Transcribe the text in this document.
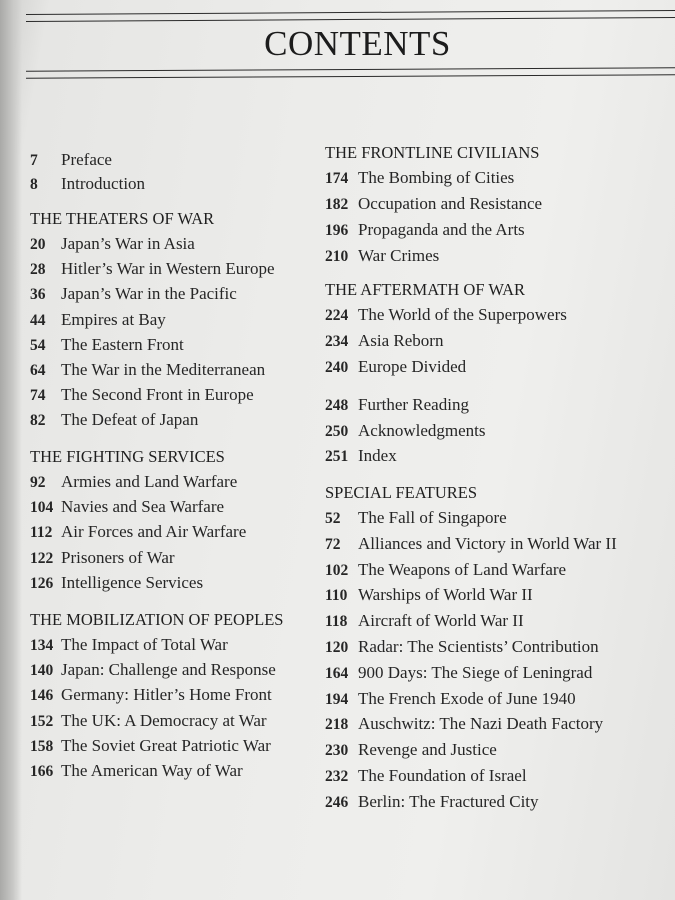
CONTENTS
7 Preface
8 Introduction
THE THEATERS OF WAR
20 Japan’s War in Asia
28 Hitler’s War in Western Europe
36 Japan’s War in the Pacific
44 Empires at Bay
54 The Eastern Front
64 The War in the Mediterranean
74 The Second Front in Europe
82 The Defeat of Japan
THE FIGHTING SERVICES
92 Armies and Land Warfare
104 Navies and Sea Warfare
112 Air Forces and Air Warfare
122 Prisoners of War
126 Intelligence Services
THE MOBILIZATION OF PEOPLES
134 The Impact of Total War
140 Japan: Challenge and Response
146 Germany: Hitler’s Home Front
152 The UK: A Democracy at War
158 The Soviet Great Patriotic War
166 The American Way of War
THE FRONTLINE CIVILIANS
174 The Bombing of Cities
182 Occupation and Resistance
196 Propaganda and the Arts
210 War Crimes
THE AFTERMATH OF WAR
224 The World of the Superpowers
234 Asia Reborn
240 Europe Divided
248 Further Reading
250 Acknowledgments
251 Index
SPECIAL FEATURES
52 The Fall of Singapore
72 Alliances and Victory in World War II
102 The Weapons of Land Warfare
110 Warships of World War II
118 Aircraft of World War II
120 Radar: The Scientists’ Contribution
164 900 Days: The Siege of Leningrad
194 The French Exode of June 1940
218 Auschwitz: The Nazi Death Factory
230 Revenge and Justice
232 The Foundation of Israel
246 Berlin: The Fractured City
